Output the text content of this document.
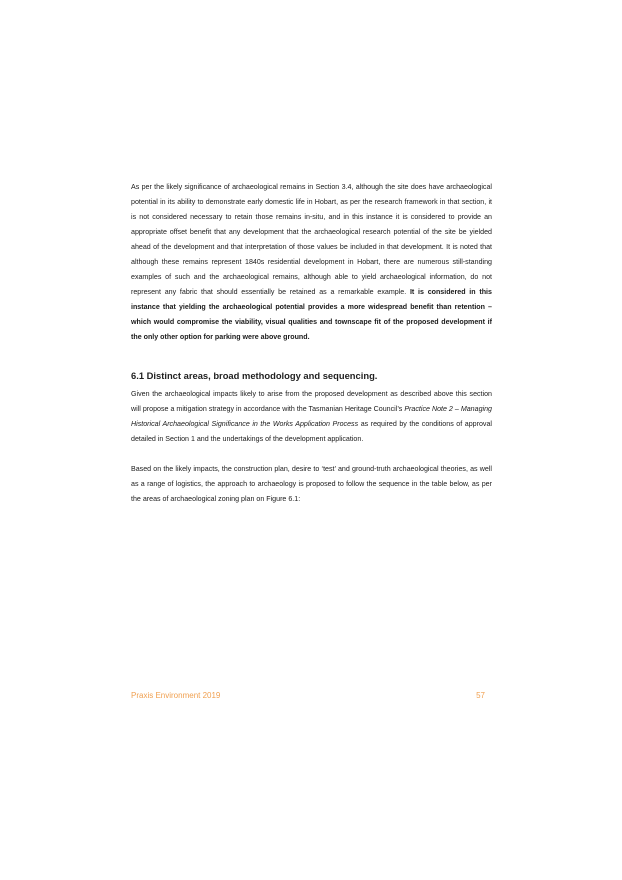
As per the likely significance of archaeological remains in Section 3.4, although the site does have archaeological potential in its ability to demonstrate early domestic life in Hobart, as per the research framework in that section, it is not considered necessary to retain those remains in-situ, and in this instance it is considered to provide an appropriate offset benefit that any development that the archaeological research potential of the site be yielded ahead of the development and that interpretation of those values be included in that development. It is noted that although these remains represent 1840s residential development in Hobart, there are numerous still-standing examples of such and the archaeological remains, although able to yield archaeological information, do not represent any fabric that should essentially be retained as a remarkable example. It is considered in this instance that yielding the archaeological potential provides a more widespread benefit than retention – which would compromise the viability, visual qualities and townscape fit of the proposed development if the only other option for parking were above ground.

6.1 Distinct areas, broad methodology and sequencing.

Given the archaeological impacts likely to arise from the proposed development as described above this section will propose a mitigation strategy in accordance with the Tasmanian Heritage Council’s Practice Note 2 – Managing Historical Archaeological Significance in the Works Application Process as required by the conditions of approval detailed in Section 1 and the undertakings of the development application.

Based on the likely impacts, the construction plan, desire to ‘test’ and ground-truth archaeological theories, as well as a range of logistics, the approach to archaeology is proposed to follow the sequence in the table below, as per the areas of archaeological zoning plan on Figure 6.1:

Praxis Environment 2019	57
